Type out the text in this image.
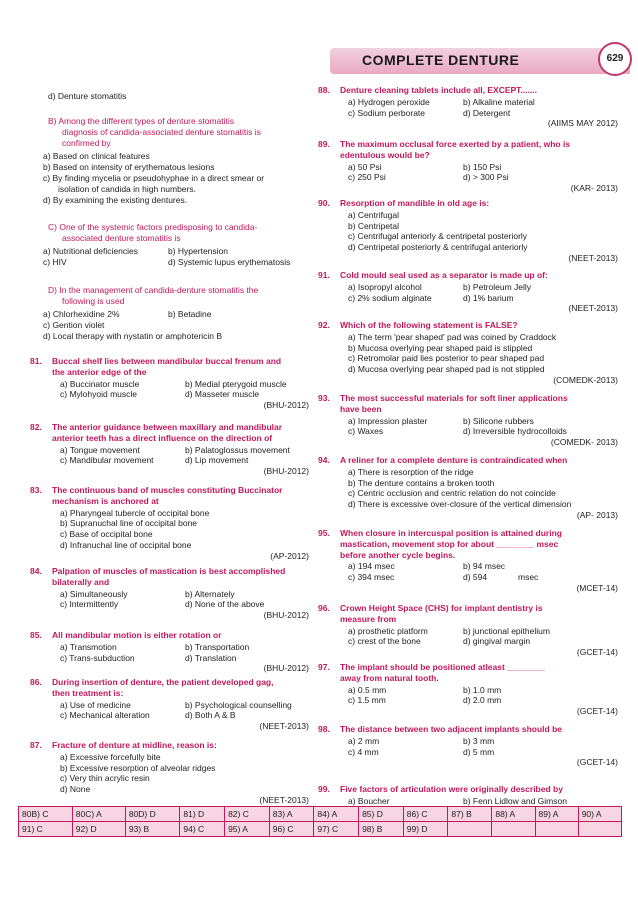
COMPLETE DENTURE	629
d) Denture stomatitis
B) Among the different types of denture stomatitis
diagnosis of candida-associated denture stomatitis is
confirmed by
a) Based on clinical features
b) Based on intensity of erythematous lesions
c) By finding mycelia or pseudohyphae in a direct smear or
isolation of candida in high numbers.
d) By examining the existing dentures.
C) One of the systemic factors predisposing to candida-
associated denture stomatitis is
a) Nutritional deficiencies	b) Hypertension
c) HIV	d) Systemic lupus erythematosis
D) In the management of candida-denture stomatitis the
following is used
a) Chlorhexidine 2%	b) Betadine
c) Gention violet
d) Local therapy with nystatin or amphotericin B
81. Buccal shelf lies between mandibular buccal frenum and
the anterior edge of the
a) Buccinator muscle	b) Medial pterygoid muscle
c) Mylohyoid muscle	d) Masseter muscle
(BHU-2012)
82. The anterior guidance between maxillary and mandibular
anterior teeth has a direct influence on the direction of
a) Tongue movement	b) Palatoglossus movement
c) Mandibular movement	d) Lip movement
(BHU-2012)
83. The continuous band of muscles constituting Buccinator
mechanism is anchored at
a) Pharyngeal tubercle of occipital bone
b) Supranuchal line of occipital bone
c) Base of occipital bone
d) Infranuchal line of occipital bone
(AP-2012)
84. Palpation of muscles of mastication is best accomplished
bilaterally and
a) Simultaneously	b) Alternately
c) Intermittently	d) None of the above
(BHU-2012)
85. All mandibular motion is either rotation or
a) Transmotion	b) Transportation
c) Trans-subduction	d) Translation
(BHU-2012)
86. During insertion of denture, the patient developed gag,
then treatment is:
a) Use of medicine	b) Psychological counselling
c) Mechanical alteration	d) Both A & B
(NEET-2013)
87. Fracture of denture at midline, reason is:
a) Excessive forcefully bite
b) Excessive resorption of alveolar ridges
c) Very thin acrylic resin
d) None
(NEET-2013)
88. Denture cleaning tablets include all, EXCEPT.......
a) Hydrogen peroxide	b) Alkaline material
c) Sodium perborate	d) Detergent
(AIIMS MAY 2012)
89. The maximum occlusal force exerted by a patient, who is
edentulous would be?
a) 50 Psi	b) 150 Psi
c) 250 Psi	d) > 300 Psi
(KAR- 2013)
90. Resorption of mandible in old age is:
a) Centrifugal
b) Centripetal
c) Centrifugal anteriorly & centripetal posteriorly
d) Centripetal posteriorly & centrifugal anteriorly
(NEET-2013)
91. Cold mould seal used as a separator is made up of:
a) Isopropyl alcohol	b) Petroleum Jelly
c) 2% sodium alginate	d) 1% barium
(NEET-2013)
92. Which of the following statement is FALSE?
a) The term 'pear shaped' pad was coined by Craddock
b) Mucosa overlying pear shaped paid is stippled
c) Retromolar paid lies posterior to pear shaped pad
d) Mucosa overlying pear shaped pad is not stippled
(COMEDK-2013)
93. The most successful materials for soft liner applications
have been
a) Impression plaster	b) Silicone rubbers
c) Waxes	d) Irreversible hydrocolloids
(COMEDK- 2013)
94. A reliner for a complete denture is contraindicated when
a) There is resorption of the ridge
b) The denture contains a broken tooth
c) Centric occlusion and centric relation do not coincide
d) There is excessive over-closure of the vertical dimension
(AP- 2013)
95. When closure in intercuspal position is attained during
mastication, movement stop for about ________ msec
before another cycle begins.
a) 194 msec	b) 94 msec
c) 394 msec	d) 594	msec
(MCET-14)
96. Crown Height Space (CHS) for implant dentistry is
measure from
a) prosthetic platform	b) junctional epithelium
c) crest of the bone	d) gingival margin
(GCET-14)
97. The implant should be positioned atleast ________
away from natural tooth.
a) 0.5 mm	b) 1.0 mm
c) 1.5 mm	d) 2.0 mm
(GCET-14)
98. The distance between two adjacent implants should be
a) 2 mm	b) 3 mm
c) 4 mm	d) 5 mm
(GCET-14)
99. Five factors of articulation were originally described by
a) Boucher	b) Fenn Lidlow and Gimson
80B) C	80C) A	80D) D	81) D	82) C	83) A	84) A	85) D	86) C	87) B	88) A	89) A	90) A
91) C	92) D	93) B	94) C	95) A	96) C	97) C	98) B	99) D				
